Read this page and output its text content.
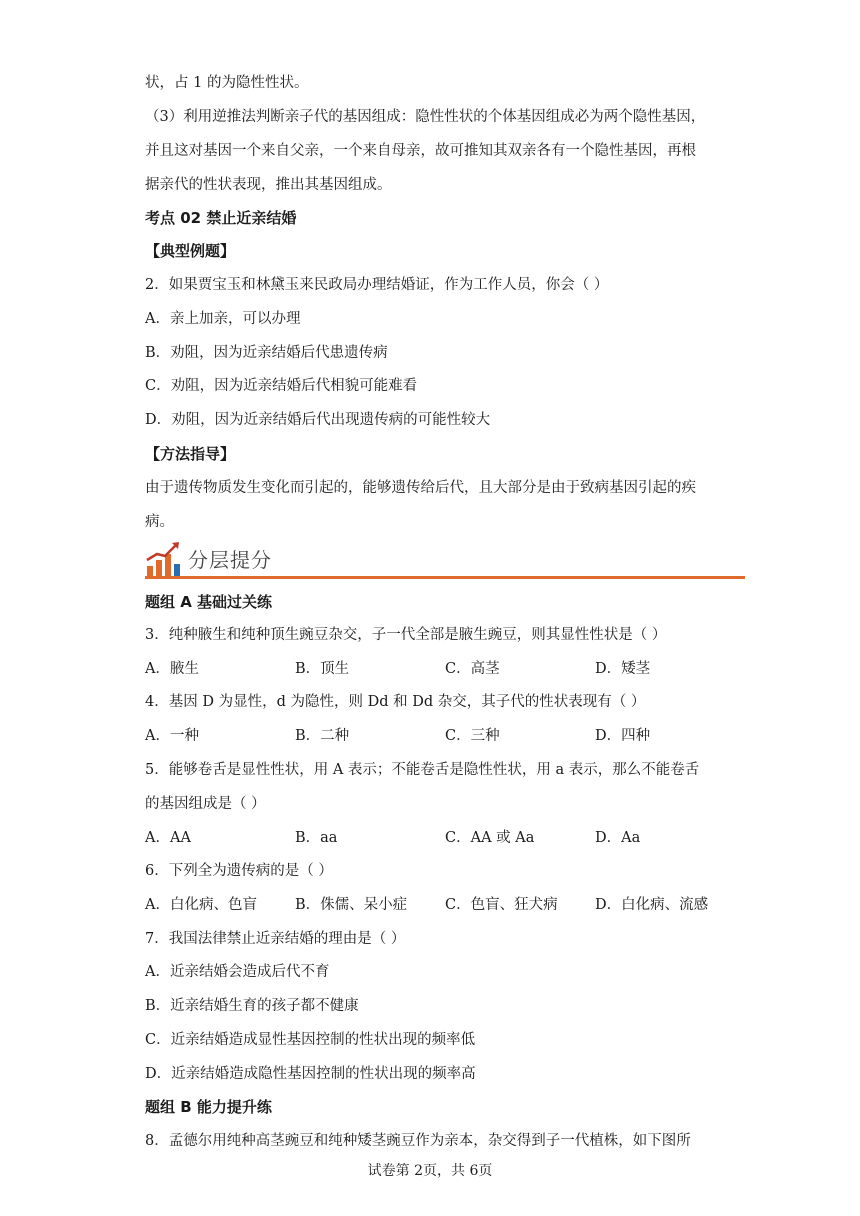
状，占 1 的为隐性性状。
（3）利用逆推法判断亲子代的基因组成：隐性性状的个体基因组成必为两个隐性基因，
并且这对基因一个来自父亲，一个来自母亲，故可推知其双亲各有一个隐性基因，再根
据亲代的性状表现，推出其基因组成。
考点 02 禁止近亲结婚
【典型例题】
2．如果贾宝玉和林黛玉来民政局办理结婚证，作为工作人员，你会（ ）
A．亲上加亲，可以办理
B．劝阻，因为近亲结婚后代患遗传病
C．劝阻，因为近亲结婚后代相貌可能难看
D．劝阻，因为近亲结婚后代出现遗传病的可能性较大
【方法指导】
由于遗传物质发生变化而引起的，能够遗传给后代，且大部分是由于致病基因引起的疾
病。
分层提分
题组 A 基础过关练
3．纯种腋生和纯种顶生豌豆杂交，子一代全部是腋生豌豆，则其显性性状是（ ）
A．腋生	B．顶生	C．高茎	D．矮茎
4．基因 D 为显性，d 为隐性，则 Dd 和 Dd 杂交，其子代的性状表现有（ ）
A．一种	B．二种	C．三种	D．四种
5．能够卷舌是显性性状，用 A 表示；不能卷舌是隐性性状，用 a 表示，那么不能卷舌
的基因组成是（ ）
A．AA	B．aa	C．AA 或 Aa	D．Aa
6．下列全为遗传病的是（ ）
A．白化病、色盲	B．侏儒、呆小症	C．色盲、狂犬病	D．白化病、流感
7．我国法律禁止近亲结婚的理由是（ ）
A．近亲结婚会造成后代不育
B．近亲结婚生育的孩子都不健康
C．近亲结婚造成显性基因控制的性状出现的频率低
D．近亲结婚造成隐性基因控制的性状出现的频率高
题组 B 能力提升练
8．孟德尔用纯种高茎豌豆和纯种矮茎豌豆作为亲本，杂交得到子一代植株，如下图所
试卷第 2页，共 6页
